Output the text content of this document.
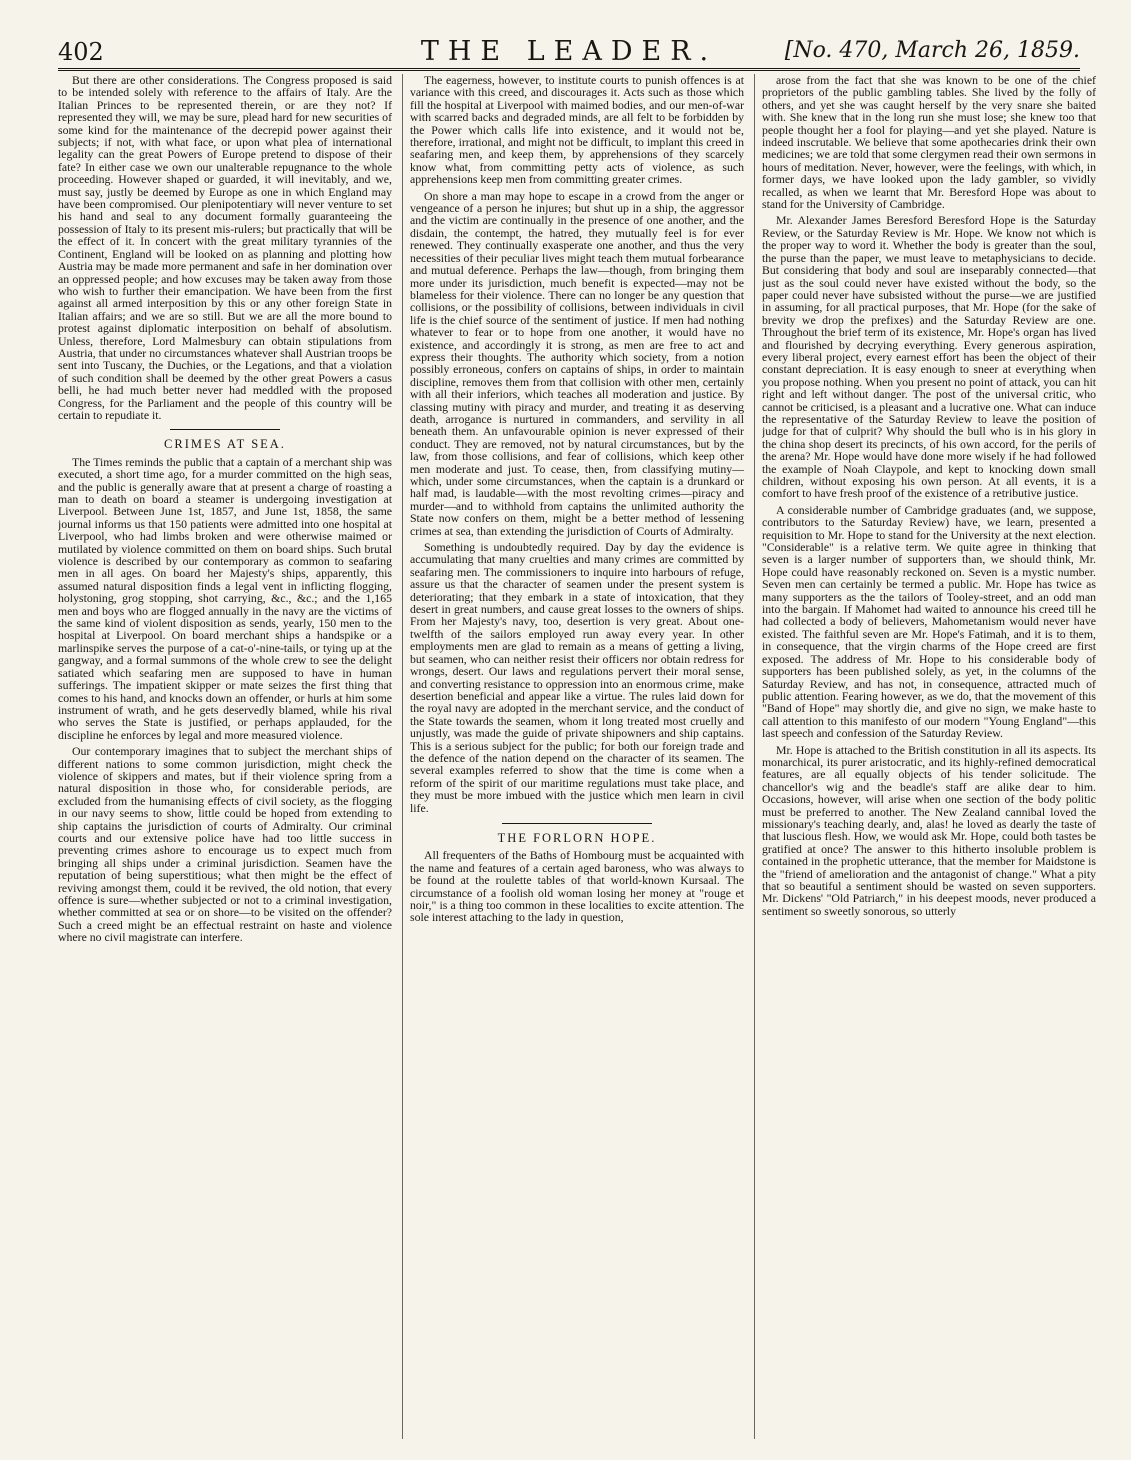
402	THE LEADER.	[No. 470, March 26, 1859.

But there are other considerations. The Congress proposed is said to be intended solely with reference to the affairs of Italy. Are the Italian Princes to be represented therein, or are they not? If represented they will, we may be sure, plead hard for new securities of some kind for the maintenance of the decrepid power against their subjects; if not, with what face, or upon what plea of international legality can the great Powers of Europe pretend to dispose of their fate? In either case we own our unalterable repugnance to the whole proceeding. However shaped or guarded, it will inevitably, and we, must say, justly be deemed by Europe as one in which England may have been compromised. Our plenipotentiary will never venture to set his hand and seal to any document formally guaranteeing the possession of Italy to its present mis-rulers; but practically that will be the effect of it. In concert with the great military tyrannies of the Continent, England will be looked on as planning and plotting how Austria may be made more permanent and safe in her domination over an oppressed people; and how excuses may be taken away from those who wish to further their emancipation. We have been from the first against all armed interposition by this or any other foreign State in Italian affairs; and we are so still. But we are all the more bound to protest against diplomatic interposition on behalf of absolutism. Unless, therefore, Lord Malmesbury can obtain stipulations from Austria, that under no circumstances whatever shall Austrian troops be sent into Tuscany, the Duchies, or the Legations, and that a violation of such condition shall be deemed by the other great Powers a casus belli, he had much better never had meddled with the proposed Congress, for the Parliament and the people of this country will be certain to repudiate it.

CRIMES AT SEA.

The Times reminds the public that a captain of a merchant ship was executed, a short time ago, for a murder committed on the high seas, and the public is generally aware that at present a charge of roasting a man to death on board a steamer is undergoing investigation at Liverpool. Between June 1st, 1857, and June 1st, 1858, the same journal informs us that 150 patients were admitted into one hospital at Liverpool, who had limbs broken and were otherwise maimed or mutilated by violence committed on them on board ships. Such brutal violence is described by our contemporary as common to seafaring men in all ages. On board her Majesty's ships, apparently, this assumed natural disposition finds a legal vent in inflicting flogging, holystoning, grog stopping, shot carrying, &c., &c.; and the 1,165 men and boys who are flogged annually in the navy are the victims of the same kind of violent disposition as sends, yearly, 150 men to the hospital at Liverpool. On board merchant ships a handspike or a marlinspike serves the purpose of a cat-o'-nine-tails, or tying up at the gangway, and a formal summons of the whole crew to see the delight satiated which seafaring men are supposed to have in human sufferings. The impatient skipper or mate seizes the first thing that comes to his hand, and knocks down an offender, or hurls at him some instrument of wrath, and he gets deservedly blamed, while his rival who serves the State is justified, or perhaps applauded, for the discipline he enforces by legal and more measured violence.

Our contemporary imagines that to subject the merchant ships of different nations to some common jurisdiction, might check the violence of skippers and mates, but if their violence spring from a natural disposition in those who, for considerable periods, are excluded from the humanising effects of civil society, as the flogging in our navy seems to show, little could be hoped from extending to ship captains the jurisdiction of courts of Admiralty. Our criminal courts and our extensive police have had too little success in preventing crimes ashore to encourage us to expect much from bringing all ships under a criminal jurisdiction. Seamen have the reputation of being superstitious; what then might be the effect of reviving amongst them, could it be revived, the old notion, that every offence is sure—whether subjected or not to a criminal investigation, whether committed at sea or on shore—to be visited on the offender? Such a creed might be an effectual restraint on haste and violence where no civil magistrate can interfere.

The eagerness, however, to institute courts to punish offences is at variance with this creed, and discourages it. Acts such as those which fill the hospital at Liverpool with maimed bodies, and our men-of-war with scarred backs and degraded minds, are all felt to be forbidden by the Power which calls life into existence, and it would not be, therefore, irrational, and might not be difficult, to implant this creed in seafaring men, and keep them, by apprehensions of they scarcely know what, from committing petty acts of violence, as such apprehensions keep men from committing greater crimes.

On shore a man may hope to escape in a crowd from the anger or vengeance of a person he injures; but shut up in a ship, the aggressor and the victim are continually in the presence of one another, and the disdain, the contempt, the hatred, they mutually feel is for ever renewed. They continually exasperate one another, and thus the very necessities of their peculiar lives might teach them mutual forbearance and mutual deference. Perhaps the law—though, from bringing them more under its jurisdiction, much benefit is expected—may not be blameless for their violence. There can no longer be any question that collisions, or the possibility of collisions, between individuals in civil life is the chief source of the sentiment of justice. If men had nothing whatever to fear or to hope from one another, it would have no existence, and accordingly it is strong, as men are free to act and express their thoughts. The authority which society, from a notion possibly erroneous, confers on captains of ships, in order to maintain discipline, removes them from that collision with other men, certainly with all their inferiors, which teaches all moderation and justice. By classing mutiny with piracy and murder, and treating it as deserving death, arrogance is nurtured in commanders, and servility in all beneath them. An unfavourable opinion is never expressed of their conduct. They are removed, not by natural circumstances, but by the law, from those collisions, and fear of collisions, which keep other men moderate and just. To cease, then, from classifying mutiny—which, under some circumstances, when the captain is a drunkard or half mad, is laudable—with the most revolting crimes—piracy and murder—and to withhold from captains the unlimited authority the State now confers on them, might be a better method of lessening crimes at sea, than extending the jurisdiction of Courts of Admiralty.

Something is undoubtedly required. Day by day the evidence is accumulating that many cruelties and many crimes are committed by seafaring men. The commissioners to inquire into harbours of refuge, assure us that the character of seamen under the present system is deteriorating; that they embark in a state of intoxication, that they desert in great numbers, and cause great losses to the owners of ships. From her Majesty's navy, too, desertion is very great. About one-twelfth of the sailors employed run away every year. In other employments men are glad to remain as a means of getting a living, but seamen, who can neither resist their officers nor obtain redress for wrongs, desert. Our laws and regulations pervert their moral sense, and converting resistance to oppression into an enormous crime, make desertion beneficial and appear like a virtue. The rules laid down for the royal navy are adopted in the merchant service, and the conduct of the State towards the seamen, whom it long treated most cruelly and unjustly, was made the guide of private shipowners and ship captains. This is a serious subject for the public; for both our foreign trade and the defence of the nation depend on the character of its seamen. The several examples referred to show that the time is come when a reform of the spirit of our maritime regulations must take place, and they must be more imbued with the justice which men learn in civil life.

THE FORLORN HOPE.

All frequenters of the Baths of Hombourg must be acquainted with the name and features of a certain aged baroness, who was always to be found at the roulette tables of that world-known Kursaal. The circumstance of a foolish old woman losing her money at "rouge et noir," is a thing too common in these localities to excite attention. The sole interest attaching to the lady in question,

arose from the fact that she was known to be one of the chief proprietors of the public gambling tables. She lived by the folly of others, and yet she was caught herself by the very snare she baited with. She knew that in the long run she must lose; she knew too that people thought her a fool for playing—and yet she played. Nature is indeed inscrutable. We believe that some apothecaries drink their own medicines; we are told that some clergymen read their own sermons in hours of meditation. Never, however, were the feelings, with which, in former days, we have looked upon the lady gambler, so vividly recalled, as when we learnt that Mr. Beresford Hope was about to stand for the University of Cambridge.

Mr. Alexander James Beresford Beresford Hope is the Saturday Review, or the Saturday Review is Mr. Hope. We know not which is the proper way to word it. Whether the body is greater than the soul, the purse than the paper, we must leave to metaphysicians to decide. But considering that body and soul are inseparably connected—that just as the soul could never have existed without the body, so the paper could never have subsisted without the purse—we are justified in assuming, for all practical purposes, that Mr. Hope (for the sake of brevity we drop the prefixes) and the Saturday Review are one. Throughout the brief term of its existence, Mr. Hope's organ has lived and flourished by decrying everything. Every generous aspiration, every liberal project, every earnest effort has been the object of their constant depreciation. It is easy enough to sneer at everything when you propose nothing. When you present no point of attack, you can hit right and left without danger. The post of the universal critic, who cannot be criticised, is a pleasant and a lucrative one. What can induce the representative of the Saturday Review to leave the position of judge for that of culprit? Why should the bull who is in his glory in the china shop desert its precincts, of his own accord, for the perils of the arena? Mr. Hope would have done more wisely if he had followed the example of Noah Claypole, and kept to knocking down small children, without exposing his own person. At all events, it is a comfort to have fresh proof of the existence of a retributive justice.

A considerable number of Cambridge graduates (and, we suppose, contributors to the Saturday Review) have, we learn, presented a requisition to Mr. Hope to stand for the University at the next election. "Considerable" is a relative term. We quite agree in thinking that seven is a larger number of supporters than, we should think, Mr. Hope could have reasonably reckoned on. Seven is a mystic number. Seven men can certainly be termed a public. Mr. Hope has twice as many supporters as the the tailors of Tooley-street, and an odd man into the bargain. If Mahomet had waited to announce his creed till he had collected a body of believers, Mahometanism would never have existed. The faithful seven are Mr. Hope's Fatimah, and it is to them, in consequence, that the virgin charms of the Hope creed are first exposed. The address of Mr. Hope to his considerable body of supporters has been published solely, as yet, in the columns of the Saturday Review, and has not, in consequence, attracted much of public attention. Fearing however, as we do, that the movement of this "Band of Hope" may shortly die, and give no sign, we make haste to call attention to this manifesto of our modern "Young England"—this last speech and confession of the Saturday Review.

Mr. Hope is attached to the British constitution in all its aspects. Its monarchical, its purer aristocratic, and its highly-refined democratical features, are all equally objects of his tender solicitude. The chancellor's wig and the beadle's staff are alike dear to him. Occasions, however, will arise when one section of the body politic must be preferred to another. The New Zealand cannibal loved the missionary's teaching dearly, and, alas! he loved as dearly the taste of that luscious flesh. How, we would ask Mr. Hope, could both tastes be gratified at once? The answer to this hitherto insoluble problem is contained in the prophetic utterance, that the member for Maidstone is the "friend of amelioration and the antagonist of change." What a pity that so beautiful a sentiment should be wasted on seven supporters. Mr. Dickens' "Old Patriarch," in his deepest moods, never produced a sentiment so sweetly sonorous, so utterly
